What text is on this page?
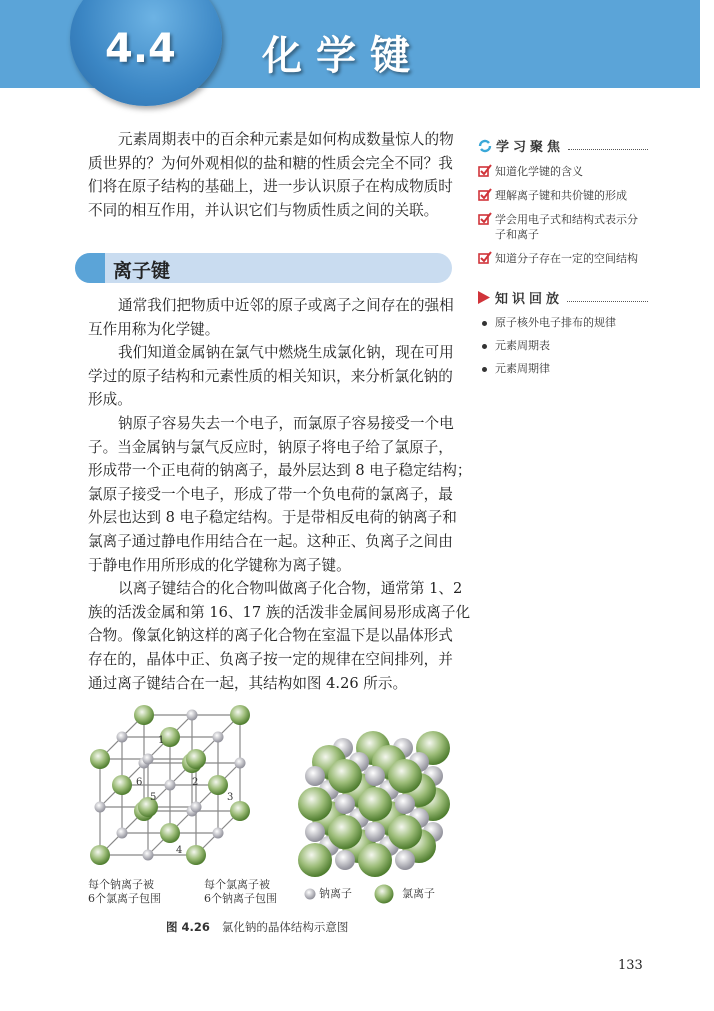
4.4 化学键
元素周期表中的百余种元素是如何构成数量惊人的物
质世界的？为何外观相似的盐和糖的性质会完全不同？我
们将在原子结构的基础上，进一步认识原子在构成物质时
不同的相互作用，并认识它们与物质性质之间的关联。
离子键
通常我们把物质中近邻的原子或离子之间存在的强相
互作用称为化学键。
我们知道金属钠在氯气中燃烧生成氯化钠，现在可用
学过的原子结构和元素性质的相关知识，来分析氯化钠的
形成。
钠原子容易失去一个电子，而氯原子容易接受一个电
子。当金属钠与氯气反应时，钠原子将电子给了氯原子，
形成带一个正电荷的钠离子，最外层达到 8 电子稳定结构；
氯原子接受一个电子，形成了带一个负电荷的氯离子，最
外层也达到 8 电子稳定结构。于是带相反电荷的钠离子和
氯离子通过静电作用结合在一起。这种正、负离子之间由
于静电作用所形成的化学键称为离子键。
以离子键结合的化合物叫做离子化合物，通常第 1、2
族的活泼金属和第 16、17 族的活泼非金属间易形成离子化
合物。像氯化钠这样的离子化合物在室温下是以晶体形式
存在的，晶体中正、负离子按一定的规律在空间排列，并
通过离子键结合在一起，其结构如图 4.26 所示。
学习聚焦
知道化学键的含义
理解离子键和共价键的形成
学会用电子式和结构式表示分子和离子
知道分子存在一定的空间结构
知识回放
原子核外电子排布的规律
元素周期表
元素周期律
1
2
3
4
5
6
每个钠离子被
6个氯离子包围
每个氯离子被
6个钠离子包围	钠离子	氯离子
图 4.26 氯化钠的晶体结构示意图
133
